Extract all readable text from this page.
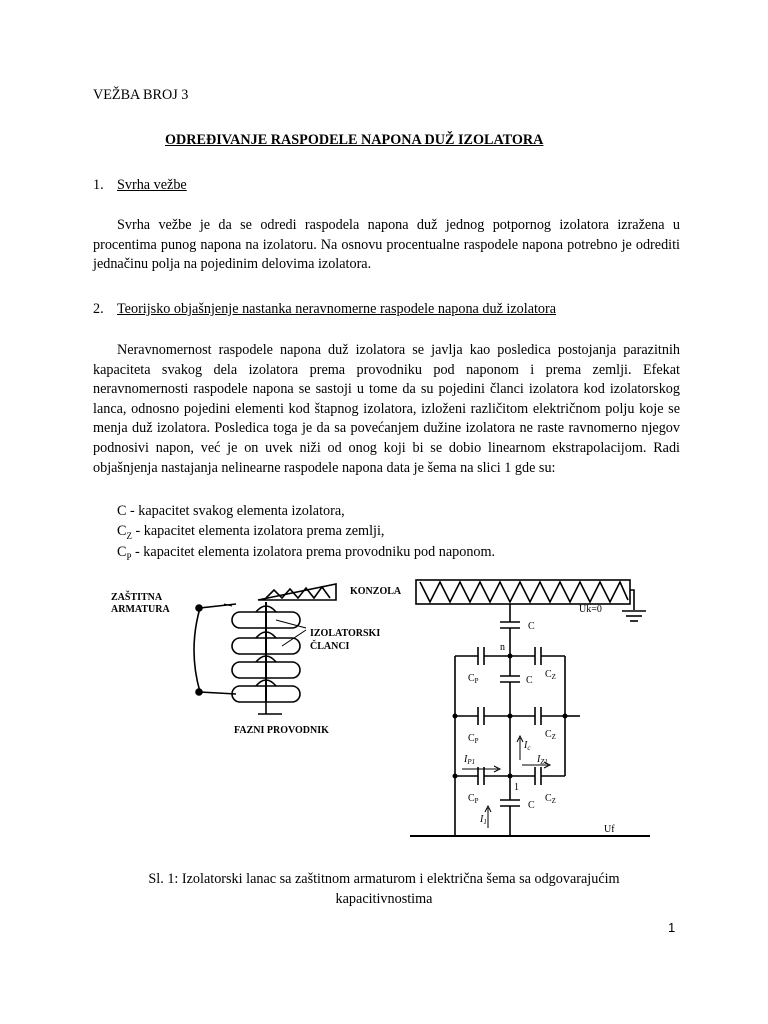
VEŽBA BROJ 3
ODREĐIVANJE RASPODELE NAPONA DUŽ IZOLATORA
1. Svrha vežbe

Svrha vežbe je da se odredi raspodela napona duž jednog potpornog izolatora izražena u procentima punog napona na izolatoru. Na osnovu procentualne raspodele napona potrebno je odrediti jednačinu polja na pojedinim delovima izolatora.

2. Teorijsko objašnjenje nastanka neravnomerne raspodele napona duž izolatora

Neravnomernost raspodele napona duž izolatora se javlja kao posledica postojanja parazitnih kapaciteta svakog dela izolatora prema provodniku pod naponom i prema zemlji. Efekat neravnomernosti raspodele napona se sastoji u tome da su pojedini članci izolatora kod izolatorskog lanca, odnosno pojedini elementi kod štapnog izolatora, izloženi različitom električnom polju koje se menja duž izolatora. Posledica toga je da sa povećanjem dužine izolatora ne raste ravnomerno njegov podnosivi napon, već je on uvek niži od onog koji bi se dobio linearnom ekstrapolacijom. Radi objašnjenja nastajanja nelinearne raspodele napona data je šema na slici 1 gde su:

C - kapacitet svakog elementa izolatora,
$C_Z$ - kapacitet elementa izolatora prema zemlji,
$C_P$ - kapacitet elementa izolatora prema provodniku pod naponom.
ZAŠTITNA
ARMATURA
KONZOLA
IZOLATORSKI
ČLANCI
FAZNI PROVODNIK
Uk=0
Uf
C
C
C
n
1
$C_P$
$C_P$
$C_P$
$C_Z$
$C_Z$
$C_Z$
$I_c$
$I_{P1}$	$I_{Z1}$
$I_1$
Sl. 1: Izolatorski lanac sa zaštitnom armaturom i električna šema sa odgovarajućim
kapacitivnostima
1
